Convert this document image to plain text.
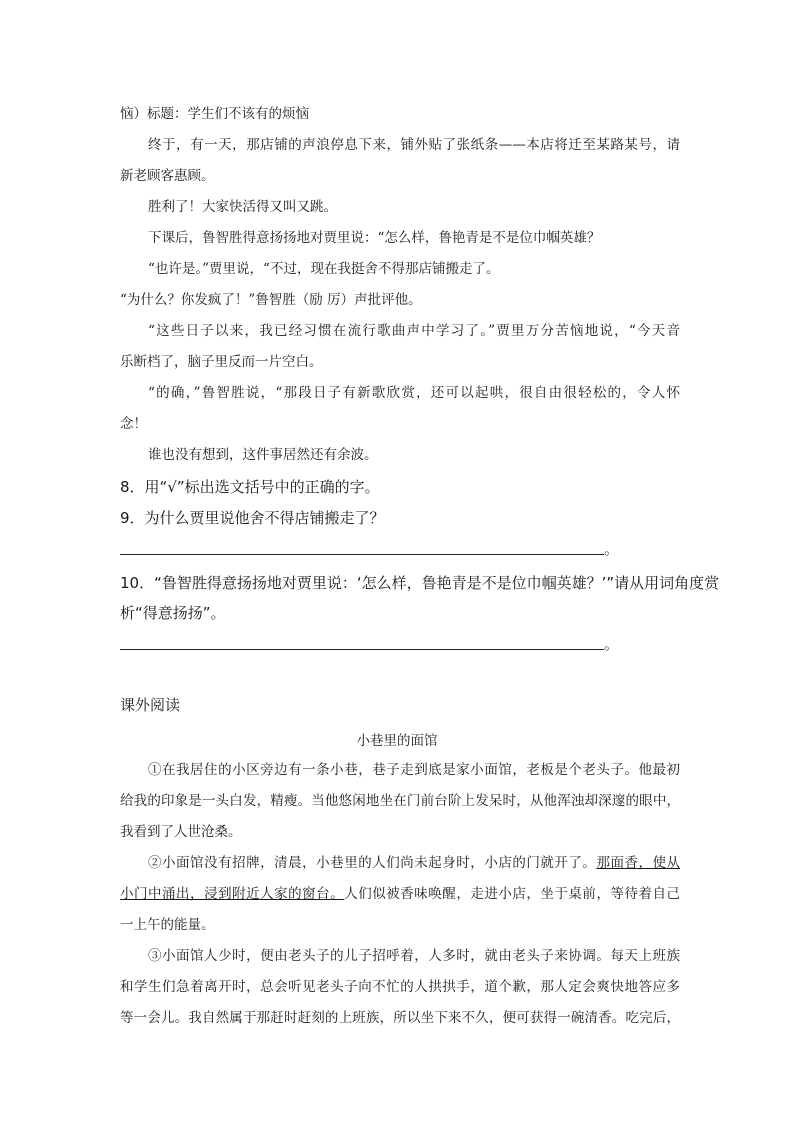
恼）标题：学生们不该有的烦恼
终于，有一天，那店铺的声浪停息下来，铺外贴了张纸条——本店将迁至某路某号，请
新老顾客惠顾。
胜利了！大家快活得又叫又跳。
下课后，鲁智胜得意扬扬地对贾里说：“怎么样，鲁艳青是不是位巾帼英雄？
“也许是。”贾里说，“不过，现在我挺舍不得那店铺搬走了。
“为什么？你发疯了！”鲁智胜（励 厉）声批评他。
“这些日子以来，我已经习惯在流行歌曲声中学习了。”贾里万分苦恼地说，“今天音
乐断档了，脑子里反而一片空白。
“的确，”鲁智胜说，“那段日子有新歌欣赏，还可以起哄，很自由很轻松的，令人怀
念！
谁也没有想到，这件事居然还有余波。
8．用“√”标出选文括号中的正确的字。
9．为什么贾里说他舍不得店铺搬走了？
。
10．“鲁智胜得意扬扬地对贾里说：‘怎么样，鲁艳青是不是位巾帼英雄？’”请从用词角度赏
析“得意扬扬”。
。
课外阅读
小巷里的面馆
①在我居住的小区旁边有一条小巷，巷子走到底是家小面馆，老板是个老头子。他最初
给我的印象是一头白发，精瘦。当他悠闲地坐在门前台阶上发呆时，从他浑浊却深邃的眼中，
我看到了人世沧桑。
②小面馆没有招牌，清晨，小巷里的人们尚未起身时，小店的门就开了。那面香，使从
小门中涌出，浸到附近人家的窗台。人们似被香味唤醒，走进小店，坐于桌前，等待着自己
一上午的能量。
③小面馆人少时，便由老头子的儿子招呼着，人多时，就由老头子来协调。每天上班族
和学生们急着离开时，总会听见老头子向不忙的人拱拱手，道个歉，那人定会爽快地答应多
等一会儿。我自然属于那赶时赶刻的上班族，所以坐下来不久，便可获得一碗清香。吃完后，
